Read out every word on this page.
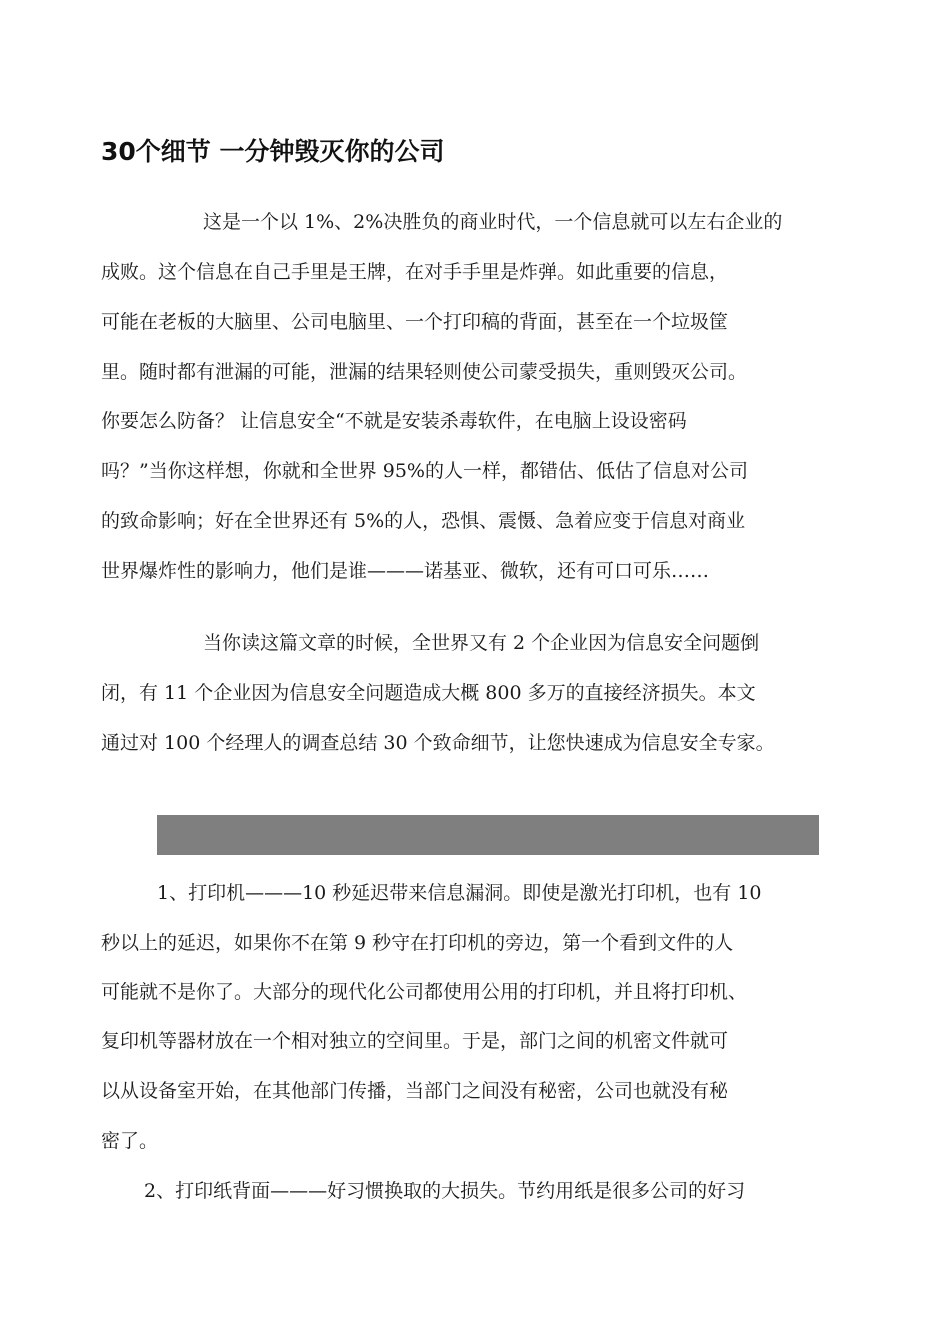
30个细节 一分钟毁灭你的公司

这是一个以 1%、2%决胜负的商业时代，一个信息就可以左右企业的

成败。这个信息在自己手里是王牌，在对手手里是炸弹。如此重要的信息，

可能在老板的大脑里、公司电脑里、一个打印稿的背面，甚至在一个垃圾筐

里。随时都有泄漏的可能，泄漏的结果轻则使公司蒙受损失，重则毁灭公司。

你要怎么防备？ 让信息安全“不就是安装杀毒软件，在电脑上设设密码

吗？”当你这样想，你就和全世界 95%的人一样，都错估、低估了信息对公司

的致命影响；好在全世界还有 5%的人，恐惧、震慑、急着应变于信息对商业

世界爆炸性的影响力，他们是谁———诺基亚、微软，还有可口可乐……

当你读这篇文章的时候，全世界又有 2 个企业因为信息安全问题倒

闭，有 11 个企业因为信息安全问题造成大概 800 多万的直接经济损失。本文

通过对 100 个经理人的调查总结 30 个致命细节，让您快速成为信息安全专家。

1、打印机———10 秒延迟带来信息漏洞。即使是激光打印机，也有 10

秒以上的延迟，如果你不在第 9 秒守在打印机的旁边，第一个看到文件的人

可能就不是你了。大部分的现代化公司都使用公用的打印机，并且将打印机、

复印机等器材放在一个相对独立的空间里。于是，部门之间的机密文件就可

以从设备室开始，在其他部门传播，当部门之间没有秘密，公司也就没有秘

密了。

2、打印纸背面———好习惯换取的大损失。节约用纸是很多公司的好习
